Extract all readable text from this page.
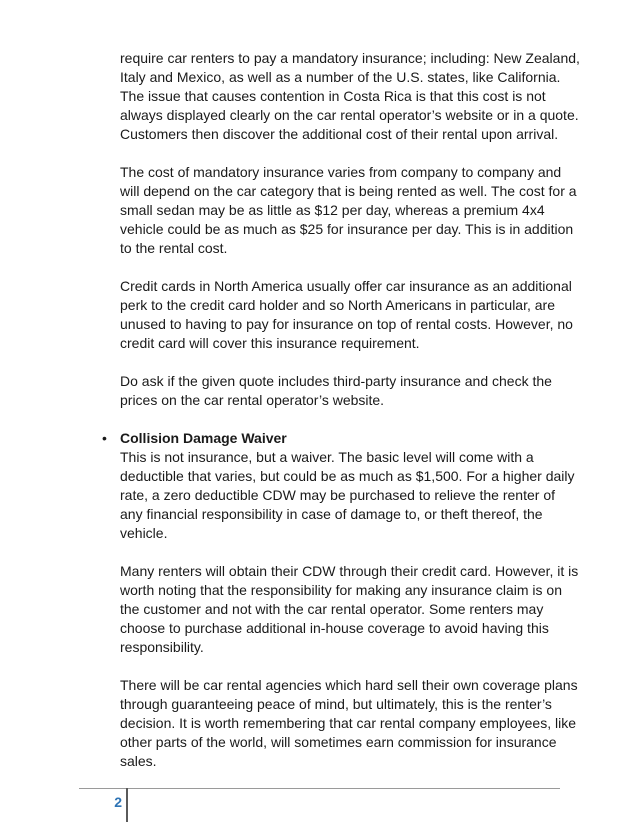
require car renters to pay a mandatory insurance; including: New Zealand, Italy and Mexico, as well as a number of the U.S. states, like California. The issue that causes contention in Costa Rica is that this cost is not always displayed clearly on the car rental operator’s website or in a quote. Customers then discover the additional cost of their rental upon arrival.

The cost of mandatory insurance varies from company to company and will depend on the car category that is being rented as well. The cost for a small sedan may be as little as $12 per day, whereas a premium 4x4 vehicle could be as much as $25 for insurance per day. This is in addition to the rental cost.

Credit cards in North America usually offer car insurance as an additional perk to the credit card holder and so North Americans in particular, are unused to having to pay for insurance on top of rental costs. However, no credit card will cover this insurance requirement.

Do ask if the given quote includes third-party insurance and check the prices on the car rental operator’s website.

• Collision Damage Waiver

This is not insurance, but a waiver. The basic level will come with a deductible that varies, but could be as much as $1,500. For a higher daily rate, a zero deductible CDW may be purchased to relieve the renter of any financial responsibility in case of damage to, or theft thereof, the vehicle.

Many renters will obtain their CDW through their credit card. However, it is worth noting that the responsibility for making any insurance claim is on the customer and not with the car rental operator. Some renters may choose to purchase additional in-house coverage to avoid having this responsibility.

There will be car rental agencies which hard sell their own coverage plans through guaranteeing peace of mind, but ultimately, this is the renter’s decision. It is worth remembering that car rental company employees, like other parts of the world, will sometimes earn commission for insurance sales.

2
